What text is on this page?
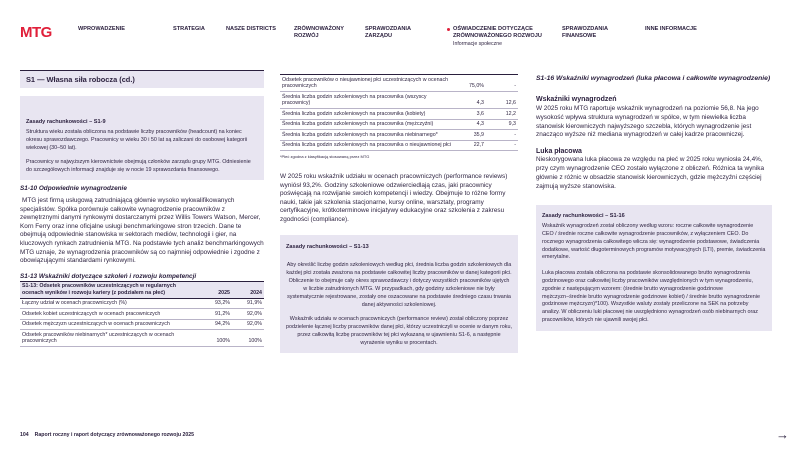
MTG	WPROWADZENIE	STRATEGIA	NASZE DISTRICTS	ZRÓWNOWAŻONY ROZWÓJ
SPRAWOZDANIA ZARZĄDU
OŚWIADCZENIE DOTYCZĄCE ZRÓWNOWAŻONEGO ROZWOJU
Informacje społeczne
SPRAWOZDANIA FINANSOWE
INNE INFORMACJE
S1 — Własna siła robocza (cd.)
Zasady rachunkowości – S1-9

Struktura wieku została obliczona na podstawie liczby pracowników (headcount) na koniec okresu sprawozdawczego. Pracownicy w wieku 30 i 50 lat są zaliczani do osobowej kategorii wiekowej (30–50 lat).

Pracownicy w najwyższym kierownictwie obejmują członków zarządu grupy MTG. Odniesienie do szczegółowych informacji znajduje się w nocie 19 sprawozdania finansowego.

S1-10 Odpowiednie wynagrodzenie
MTG jest firmą usługową zatrudniającą głównie wysoko wykwalifikowanych specjalistów. Spółka porównuje całkowite wynagrodzenie pracowników z zewnętrznymi danymi rynkowymi dostarczanymi przez Willis Towers Watson, Mercer, Korn Ferry oraz inne oficjalne usługi benchmarkingowe stron trzecich. Dane te obejmują odpowiednie stanowiska w sektorach mediów, technologii i gier, na kluczowych rynkach zatrudnienia MTG. Na podstawie tych analiz benchmarkingowych MTG uznaje, że wynagrodzenia pracowników są co najmniej odpowiednie i zgodne z obowiązującymi standardami rynkowymi.
S1-13 Wskaźniki dotyczące szkoleń i rozwoju kompetencji
S1-13: Odsetek pracowników uczestniczących w regularnych ocenach wyników i rozwoju kariery (z podziałem na płeć)	2025	2024
Łączny udział w ocenach pracowniczych (%)	93,2%	91,9%
Odsetek kobiet uczestniczących w ocenach pracowniczych	91,2%	92,0%
Odsetek mężczyzn uczestniczących w ocenach pracowniczych	94,2%	92,0%
Odsetek pracowników niebinarnych* uczestniczących w ocenach pracowniczych	100%	100%
Odsetek pracowników o nieujawnionej płci uczestniczących w ocenach pracowniczych	75,0%	-
Średnia liczba godzin szkoleniowych na pracownika (wszyscy pracownicy)	4,3	12,6
Średnia liczba godzin szkoleniowych na pracownika (kobiety)	3,6	12,2
Średnia liczba godzin szkoleniowych na pracownika (mężczyźni)	4,3	9,3
Średnia liczba godzin szkoleniowych na pracownika niebinarnego*	35,9	-
Średnia liczba godzin szkoleniowych na pracownika o nieujawnionej płci	22,7	-
*Płeć zgodna z klasyfikacją stosowaną przez MTG
W 2025 roku wskaźnik udziału w ocenach pracowniczych (performance reviews) wyniósł 93,2%. Godziny szkoleniowe odzwierciedlają czas, jaki pracownicy poświęcają na rozwijanie swoich kompetencji i wiedzy. Obejmuje to różne formy nauki, takie jak szkolenia stacjonarne, kursy online, warsztaty, programy certyfikacyjne, krótkoterminowe inicjatywy edukacyjne oraz szkolenia z zakresu zgodności (compliance).
Zasady rachunkowości – S1-13

Aby określić liczbę godzin szkoleniowych według płci, średnia liczba godzin szkoleniowych dla każdej płci została zważona na podstawie całkowitej liczby pracowników w danej kategorii płci. Obliczenie to obejmuje cały okres sprawozdawczy i dotyczy wszystkich pracowników ujętych w liczbie zatrudnionych MTG. W przypadkach, gdy godziny szkoleniowe nie były systematycznie rejestrowane, zostały one oszacowane na podstawie średniego czasu trwania danej aktywności szkoleniowej.

Wskaźnik udziału w ocenach pracowniczych (performance review) został obliczony poprzez podzielenie łącznej liczby pracowników danej płci, którzy uczestniczyli w ocenie w danym roku, przez całkowitą liczbę pracowników tej płci wykazaną w ujawnieniu S1-6, a następnie wyrażenie wyniku w procentach.

S1-16 Wskaźniki wynagrodzeń (luka płacowa i całkowite wynagrodzenie)
Wskaźniki wynagrodzeń
W 2025 roku MTG raportuje wskaźnik wynagrodzeń na poziomie 56,8. Na jego wysokość wpływa struktura wynagrodzeń w spółce, w tym niewielka liczba stanowisk kierowniczych najwyższego szczebla, których wynagrodzenie jest znacząco wyższe niż mediana wynagrodzeń w całej kadrze pracowniczej.
Luka płacowa
Nieskorygowana luka płacowa ze względu na płeć w 2025 roku wyniosła 24,4%, przy czym wynagrodzenie CEO zostało wyłączone z obliczeń. Różnica ta wynika głównie z różnic w obsadzie stanowisk kierowniczych, gdzie mężczyźni częściej zajmują wyższe stanowiska.
Zasady rachunkowości – S1-16

Wskaźnik wynagrodzeń został obliczony według wzoru: roczne całkowite wynagrodzenie CEO / średnie roczne całkowite wynagrodzenie pracowników, z wyłączeniem CEO. Do rocznego wynagrodzenia całkowitego wlicza się: wynagrodzenie podstawowe, świadczenia dodatkowe, wartość długoterminowych programów motywacyjnych (LTI), premie, świadczenia emerytalne.

Luka płacowa została obliczona na podstawie skonsolidowanego brutto wynagrodzenia godzinowego oraz całkowitej liczby pracowników uwzględnionych w tym wynagrodzeniu, zgodnie z następującym wzorem: (średnie brutto wynagrodzenie godzinowe mężczyzn−średnie brutto wynagrodzenie godzinowe kobiet) / średnie brutto wynagrodzenie godzinowe mężczyzn)*100). Wszystkie waluty zostały przeliczone na SEK na potrzeby analizy. W obliczeniu luki płacowej nie uwzględniono wynagrodzeń osób niebinarnych oraz pracowników, których nie ujawnili swojej płci.

104 Raport roczny i raport dotyczący zrównoważonego rozwoju 2025	→
